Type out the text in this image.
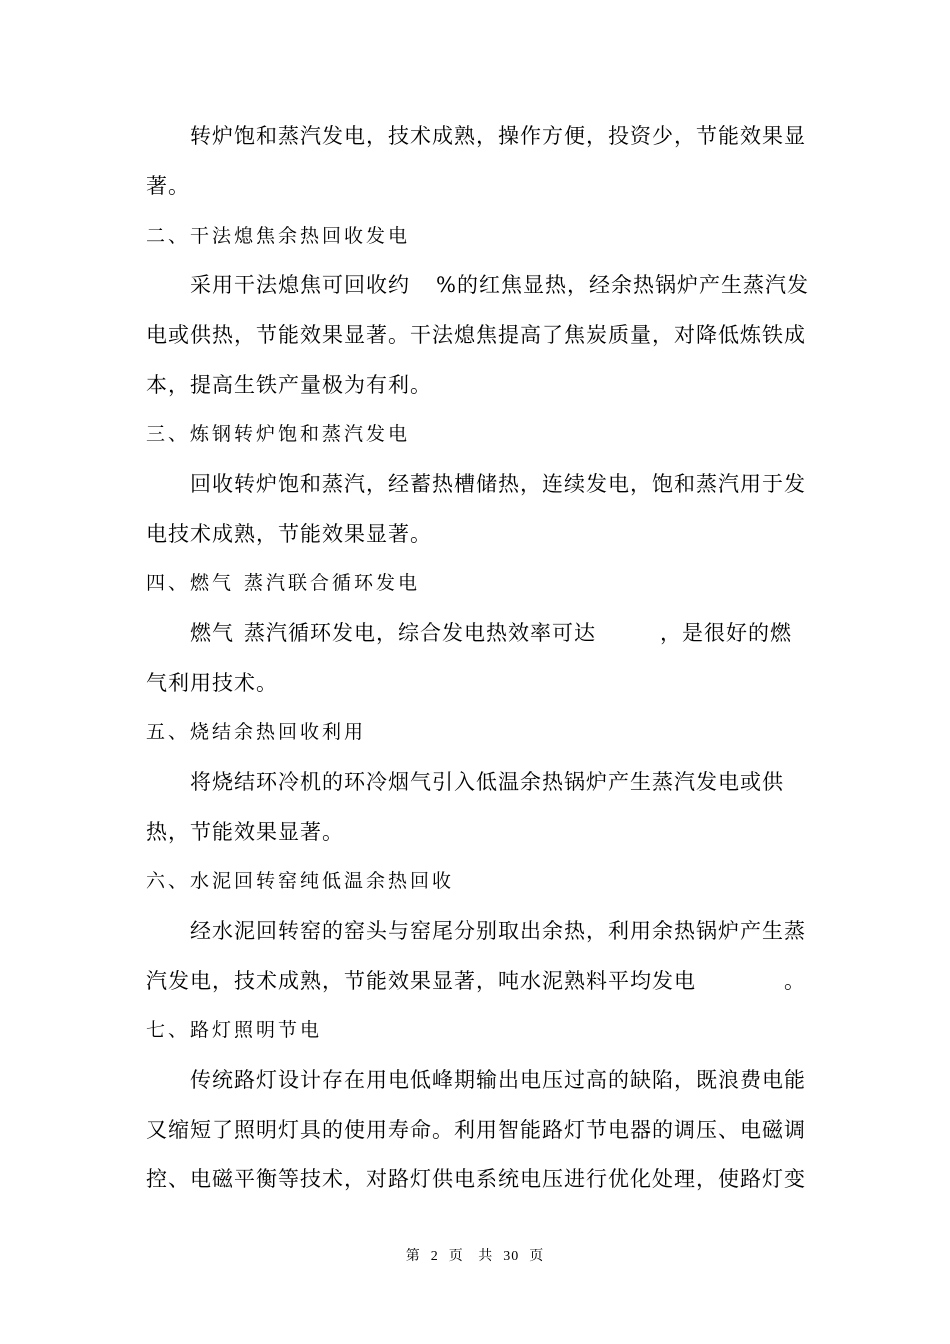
转炉饱和蒸汽发电，技术成熟，操作方便，投资少，节能效果显
著。
二、干法熄焦余热回收发电
采用干法熄焦可回收约 %的红焦显热，经余热锅炉产生蒸汽发
电或供热，节能效果显著。干法熄焦提高了焦炭质量，对降低炼铁成
本，提高生铁产量极为有利。
三、炼钢转炉饱和蒸汽发电
回收转炉饱和蒸汽，经蓄热槽储热，连续发电，饱和蒸汽用于发
电技术成熟，节能效果显著。
四、燃气 蒸汽联合循环发电
燃气 蒸汽循环发电，综合发电热效率可达	，是很好的燃
气利用技术。
五、烧结余热回收利用
将烧结环冷机的环冷烟气引入低温余热锅炉产生蒸汽发电或供
热，节能效果显著。
六、水泥回转窑纯低温余热回收
经水泥回转窑的窑头与窑尾分别取出余热，利用余热锅炉产生蒸
汽发电，技术成熟，节能效果显著，吨水泥熟料平均发电	。
七、路灯照明节电
传统路灯设计存在用电低峰期输出电压过高的缺陷，既浪费电能
又缩短了照明灯具的使用寿命。利用智能路灯节电器的调压、电磁调
控、电磁平衡等技术，对路灯供电系统电压进行优化处理，使路灯变
第 2 页 共 30 页
